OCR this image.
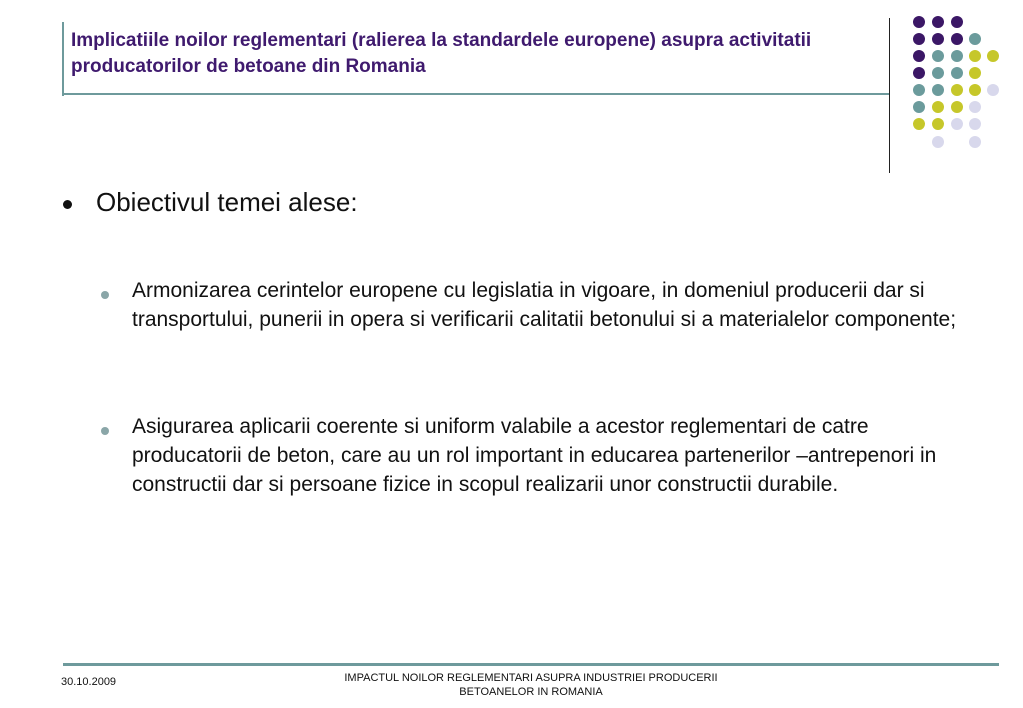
Implicatiile noilor reglementari (ralierea la standardele europene) asupra activitatii producatorilor de betoane din Romania
Obiectivul temei alese:
Armonizarea cerintelor europene cu legislatia in vigoare, in domeniul producerii dar si transportului, punerii in opera si verificarii calitatii betonului si a materialelor componente;
Asigurarea aplicarii coerente si uniform valabile a acestor reglementari de catre producatorii de beton, care au un rol important in educarea partenerilor –antrepenori in constructii dar si persoane fizice in scopul realizarii unor constructii durabile.
30.10.2009	IMPACTUL NOILOR REGLEMENTARI ASUPRA INDUSTRIEI PRODUCERII
BETOANELOR IN ROMANIA
